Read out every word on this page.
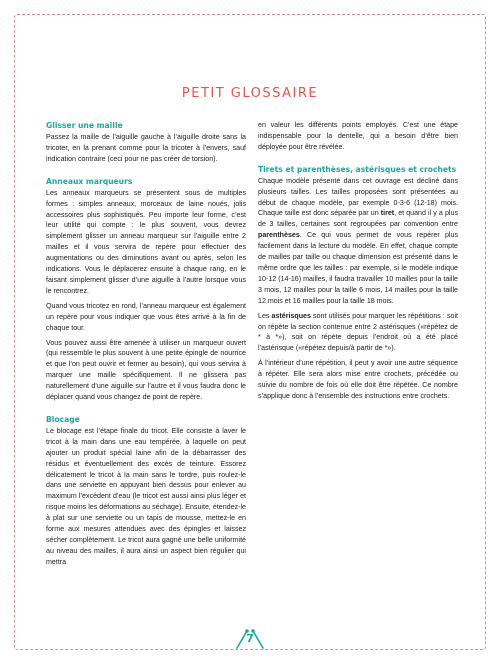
PETIT GLOSSAIRE
Glisser une maille

Passez la maille de l’aiguille gauche à l’aiguille droite sans la tricoter, en la prenant comme pour la tricoter à l’envers, sauf indication contraire (ceci pour ne pas créer de torsion).

Anneaux marqueurs

Les anneaux marqueurs se présentent sous de multiples formes : simples anneaux, morceaux de laine noués, jolis accessoires plus sophistiqués. Peu importe leur forme, c’est leur utilité qui compte : le plus souvent, vous devrez simplement glisser un anneau marqueur sur l’aiguille entre 2 mailles et il vous servira de repère pour effectuer des augmentations ou des diminutions avant ou après, selon les indications. Vous le déplacerez ensuite à chaque rang, en le faisant simplement glisser d’une aiguille à l’autre lorsque vous le rencontrez.

Quand vous tricotez en rond, l’anneau marqueur est également un repère pour vous indiquer que vous êtes arrivé à la fin de chaque tour.

Vous pouvez aussi être amenée à utiliser un marqueur ouvert (qui ressemble le plus souvent à une petite épingle de nourrice et que l’on peut ouvrir et fermer au besoin), qui vous servira à marquer une maille spécifiquement. Il ne glissera pas naturellement d’une aiguille sur l’autre et il vous faudra donc le déplacer quand vous changez de point de repère.

Blocage

Le blocage est l’étape finale du tricot. Elle consiste à laver le tricot à la main dans une eau tempérée, à laquelle on peut ajouter un produit spécial laine afin de la débarrasser des résidus et éventuellement des excès de teinture. Essorez délicatement le tricot à la main sans le tordre, puis roulez-le dans une serviette en appuyant bien dessus pour enlever au maximum l’excédent d’eau (le tricot est aussi ainsi plus léger et risque moins les déformations au séchage). Ensuite, étendez-le à plat sur une serviette ou un tapis de mousse, mettez-le en forme aux mesures attendues avec des épingles et laissez sécher complètement. Le tricot aura gagné une belle uniformité au niveau des mailles, il aura ainsi un aspect bien régulier qui mettra

en valeur les différents points employés. C’est une étape indispensable pour la dentelle, qui a besoin d’être bien déployée pour être révélée.

Tirets et parenthèses, astérisques et crochets

Chaque modèle présenté dans cet ouvrage est décliné dans plusieurs tailles. Les tailles proposées sont présentées au début de chaque modèle, par exemple 0-3-6 (12-18) mois. Chaque taille est donc séparée par un tiret, et quand il y a plus de 3 tailles, certaines sont regroupées par convention entre parenthèses. Ce qui vous permet de vous repérer plus facilement dans la lecture du modèle. En effet, chaque compte de mailles par taille ou chaque dimension est présenté dans le même ordre que les tailles : par exemple, si le modèle indique 10-12 (14-16) mailles, il faudra travailler 10 mailles pour la taille 3 mois, 12 mailles pour la taille 6 mois, 14 mailles pour la taille 12 mois et 16 mailles pour la taille 18 mois.

Les astérisques sont utilisés pour marquer les répétitions : soit on répète la section contenue entre 2 astérisques («répétez de * à *»), soit on répète depuis l’endroit où a été placé l’astérisque («répétez depuis/à partir de *»).

À l’intérieur d’une répétition, il peut y avoir une autre séquence à répéter. Elle sera alors mise entre crochets, précédée ou suivie du nombre de fois où elle doit être répétée. Ce nombre s’applique donc à l’ensemble des instructions entre crochets.

7
